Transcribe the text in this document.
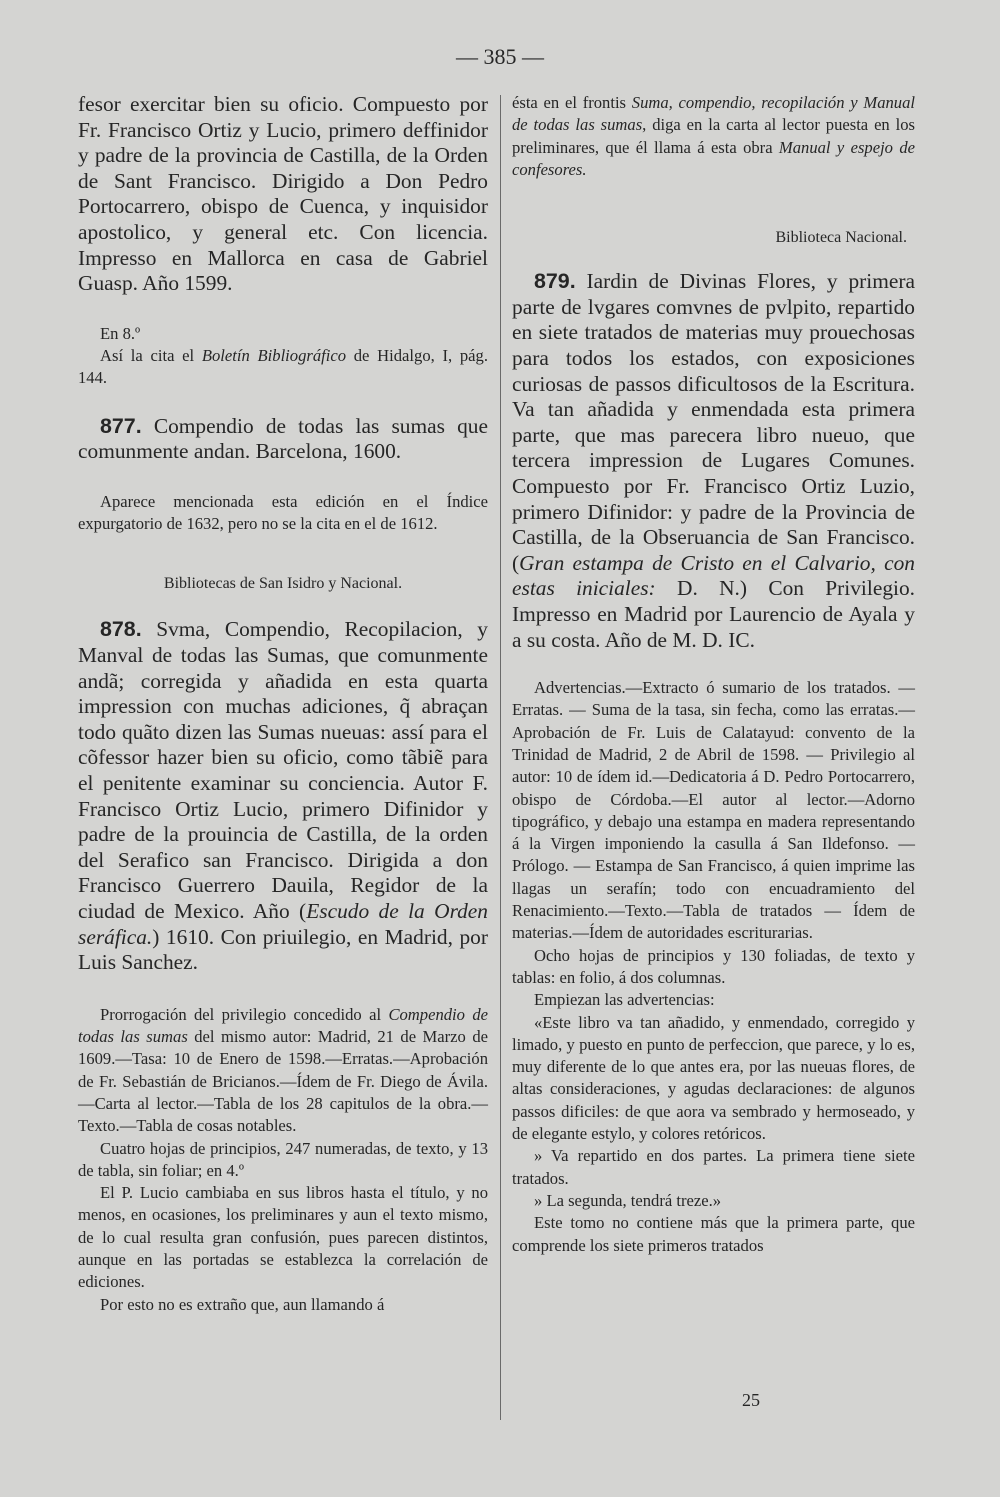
— 385 —

fesor exercitar bien su oficio. Compuesto por Fr. Francisco Ortiz y Lucio, primero deffinidor y padre de la provincia de Castilla, de la Orden de Sant Francisco. Dirigido a Don Pedro Portocarrero, obispo de Cuenca, y inquisidor apostolico, y general etc. Con licencia. Impresso en Mallorca en casa de Gabriel Guasp. Año 1599.

En 8.º

Así la cita el Boletín Bibliográfico de Hidalgo, I, pág. 144.

877. Compendio de todas las sumas que comunmente andan. Barcelona, 1600.

Aparece mencionada esta edición en el Índice expurgatorio de 1632, pero no se la cita en el de 1612.

Bibliotecas de San Isidro y Nacional.

878. Svma, Compendio, Recopilacion, y Manval de todas las Sumas, que comunmente andã; corregida y añadida en esta quarta impression con muchas adiciones, q̃ abraçan todo quãto dizen las Sumas nueuas: assí para el cõfessor hazer bien su oficio, como tãbiẽ para el penitente examinar su conciencia. Autor F. Francisco Ortiz Lucio, primero Difinidor y padre de la prouincia de Castilla, de la orden del Serafico san Francisco. Dirigida a don Francisco Guerrero Dauila, Regidor de la ciudad de Mexico. Año (Escudo de la Orden seráfica.) 1610. Con priuilegio, en Madrid, por Luis Sanchez.

Prorrogación del privilegio concedido al Compendio de todas las sumas del mismo autor: Madrid, 21 de Marzo de 1609.—Tasa: 10 de Enero de 1598.—Erratas.—Aprobación de Fr. Sebastián de Bricianos.—Ídem de Fr. Diego de Ávila. —Carta al lector.—Tabla de los 28 capitulos de la obra.—Texto.—Tabla de cosas notables.

Cuatro hojas de principios, 247 numeradas, de texto, y 13 de tabla, sin foliar; en 4.º

El P. Lucio cambiaba en sus libros hasta el título, y no menos, en ocasiones, los preliminares y aun el texto mismo, de lo cual resulta gran confusión, pues parecen distintos, aunque en las portadas se establezca la correlación de ediciones.

Por esto no es extraño que, aun llamando á

ésta en el frontis Suma, compendio, recopilación y Manual de todas las sumas, diga en la carta al lector puesta en los preliminares, que él llama á esta obra Manual y espejo de confesores.

Biblioteca Nacional.

879. Iardin de Divinas Flores, y primera parte de lvgares comvnes de pvlpito, repartido en siete tratados de materias muy prouechosas para todos los estados, con exposiciones curiosas de passos dificultosos de la Escritura. Va tan añadida y enmendada esta primera parte, que mas parecera libro nueuo, que tercera impression de Lugares Comunes. Compuesto por Fr. Francisco Ortiz Luzio, primero Difinidor: y padre de la Provincia de Castilla, de la Obseruancia de San Francisco. (Gran estampa de Cristo en el Calvario, con estas iniciales: D. N.) Con Privilegio. Impresso en Madrid por Laurencio de Ayala y a su costa. Año de M. D. IC.

Advertencias.—Extracto ó sumario de los tratados. — Erratas. — Suma de la tasa, sin fecha, como las erratas.—Aprobación de Fr. Luis de Calatayud: convento de la Trinidad de Madrid, 2 de Abril de 1598. — Privilegio al autor: 10 de ídem id.—Dedicatoria á D. Pedro Portocarrero, obispo de Córdoba.—El autor al lector.—Adorno tipográfico, y debajo una estampa en madera representando á la Virgen imponiendo la casulla á San Ildefonso. — Prólogo. — Estampa de San Francisco, á quien imprime las llagas un serafín; todo con encuadramiento del Renacimiento.—Texto.—Tabla de tratados — Ídem de materias.—Ídem de autoridades escriturarias.

Ocho hojas de principios y 130 foliadas, de texto y tablas: en folio, á dos columnas.

Empiezan las advertencias:

«Este libro va tan añadido, y enmendado, corregido y limado, y puesto en punto de perfeccion, que parece, y lo es, muy diferente de lo que antes era, por las nueuas flores, de altas consideraciones, y agudas declaraciones: de algunos passos dificiles: de que aora va sembrado y hermoseado, y de elegante estylo, y colores retóricos.

» Va repartido en dos partes. La primera tiene siete tratados.

» La segunda, tendrá treze.»

Este tomo no contiene más que la primera parte, que comprende los siete primeros tratados

25
